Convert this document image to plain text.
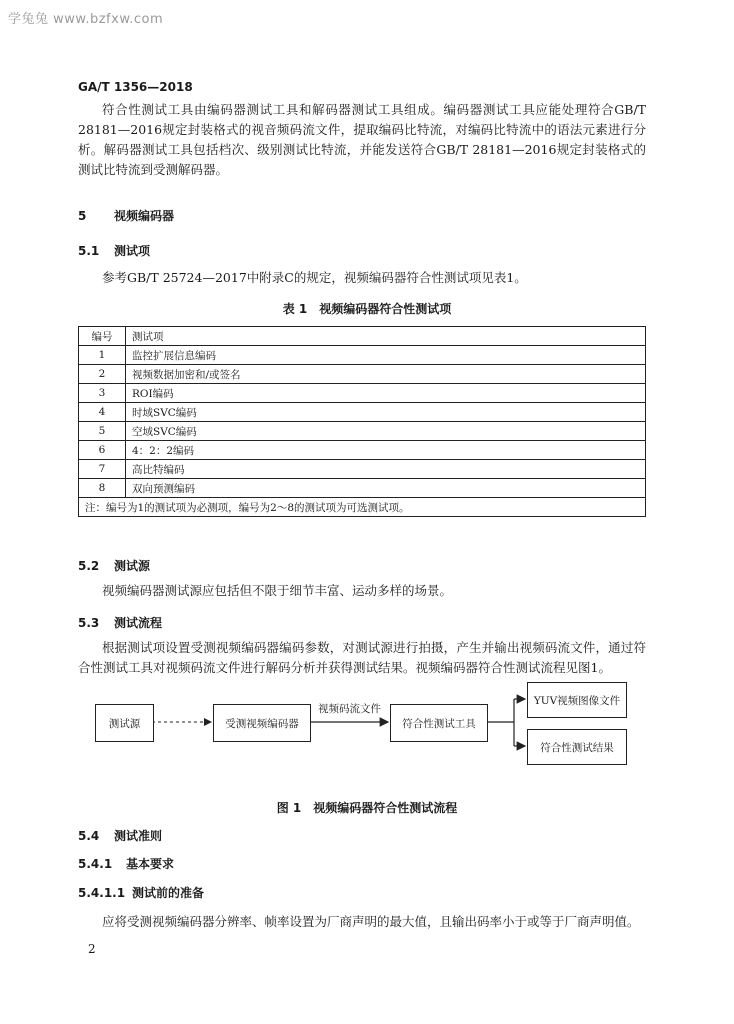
学兔兔 www.bzfxw.com
GA/T 1356—2018

符合性测试工具由编码器测试工具和解码器测试工具组成。编码器测试工具应能处理符合GB/T 28181—2016规定封装格式的视音频码流文件，提取编码比特流，对编码比特流中的语法元素进行分析。解码器测试工具包括档次、级别测试比特流，并能发送符合GB/T 28181—2016规定封装格式的测试比特流到受测解码器。

5 视频编码器
5.1 测试项

参考GB/T 25724—2017中附录C的规定，视频编码器符合性测试项见表1。

表 1　视频编码器符合性测试项
编号	测试项
1	监控扩展信息编码
2	视频数据加密和/或签名
3	ROI编码
4	时域SVC编码
5	空域SVC编码
6	4：2：2编码
7	高比特编码
8	双向预测编码
注：编号为1的测试项为必测项，编号为2～8的测试项为可选测试项。	
5.2 测试源

视频编码器测试源应包括但不限于细节丰富、运动多样的场景。

5.3 测试流程

根据测试项设置受测视频编码器编码参数，对测试源进行拍摄，产生并输出视频码流文件，通过符合性测试工具对视频码流文件进行解码分析并获得测试结果。视频编码器符合性测试流程见图1。

测试源	受测视频编码器
视频码流文件
符合性测试工具
YUV视频图像文件
符合性测试结果
图 1　视频编码器符合性测试流程
5.4 测试准则
5.4.1 基本要求
5.4.1.1 测试前的准备

应将受测视频编码器分辨率、帧率设置为厂商声明的最大值，且输出码率小于或等于厂商声明值。

2
